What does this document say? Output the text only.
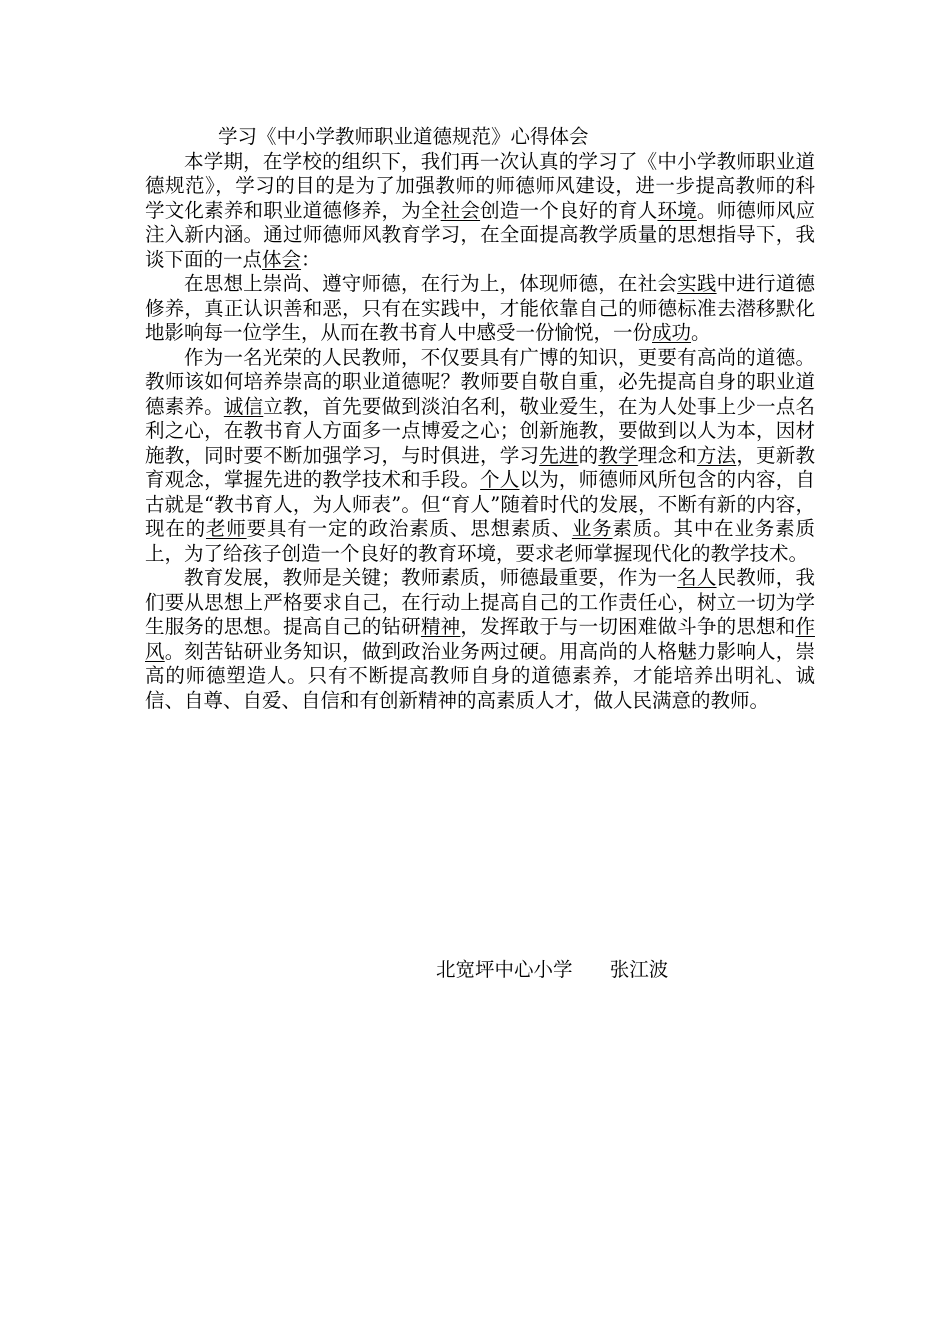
学习《中小学教师职业道德规范》心得体会

本学期，在学校的组织下，我们再一次认真的学习了《中小学教师职业道德规范》，学习的目的是为了加强教师的师德师风建设，进一步提高教师的科学文化素养和职业道德修养，为全社会创造一个良好的育人环境。师德师风应注入新内涵。通过师德师风教育学习，在全面提高教学质量的思想指导下，我谈下面的一点体会：

在思想上崇尚、遵守师德，在行为上，体现师德，在社会实践中进行道德修养，真正认识善和恶，只有在实践中，才能依靠自己的师德标准去潜移默化地影响每一位学生，从而在教书育人中感受一份愉悦，一份成功。

作为一名光荣的人民教师，不仅要具有广博的知识，更要有高尚的道德。教师该如何培养崇高的职业道德呢？教师要自敬自重，必先提高自身的职业道德素养。诚信立教，首先要做到淡泊名利，敬业爱生，在为人处事上少一点名利之心，在教书育人方面多一点博爱之心；创新施教，要做到以人为本，因材施教，同时要不断加强学习，与时俱进，学习先进的教学理念和方法，更新教育观念，掌握先进的教学技术和手段。个人以为，师德师风所包含的内容，自古就是“教书育人，为人师表”。但“育人”随着时代的发展，不断有新的内容，现在的老师要具有一定的政治素质、思想素质、业务素质。其中在业务素质上，为了给孩子创造一个良好的教育环境，要求老师掌握现代化的教学技术。

教育发展，教师是关键；教师素质，师德最重要，作为一名人民教师，我们要从思想上严格要求自己，在行动上提高自己的工作责任心，树立一切为学生服务的思想。提高自己的钻研精神，发挥敢于与一切困难做斗争的思想和作风。刻苦钻研业务知识，做到政治业务两过硬。用高尚的人格魅力影响人，崇高的师德塑造人。只有不断提高教师自身的道德素养，才能培养出明礼、诚信、自尊、自爱、自信和有创新精神的高素质人才，做人民满意的教师。

北宽坪中心小学 张江波
